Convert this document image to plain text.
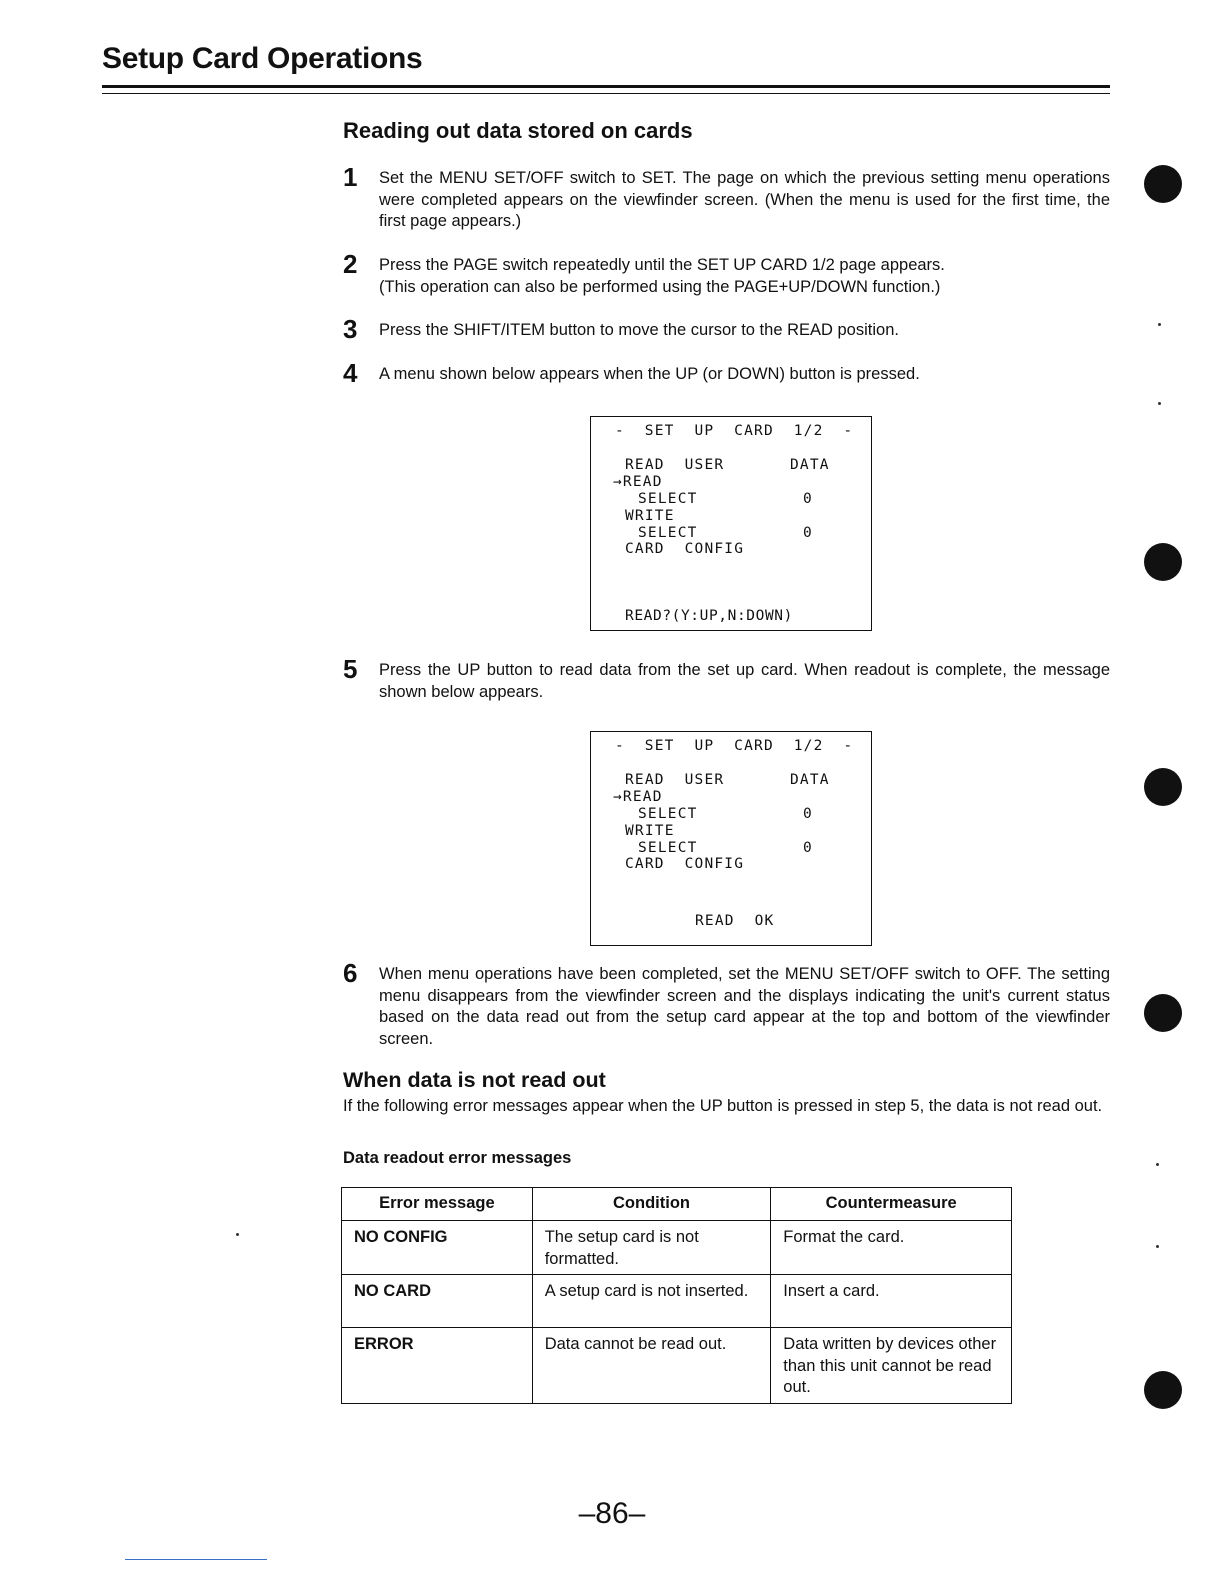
Setup Card Operations
Reading out data stored on cards
1	Set the MENU SET/OFF switch to SET. The page on which the previous setting menu operations were completed appears on the viewfinder screen. (When the menu is used for the first time, the first page appears.)

2	Press the PAGE switch repeatedly until the SET UP CARD 1/2 page appears.

(This operation can also be performed using the PAGE+UP/DOWN function.)

3	Press the SHIFT/ITEM button to move the cursor to the READ position.

4	A menu shown below appears when the UP (or DOWN) button is pressed.

-  SET  UP  CARD  1/2  -
READ  USER	DATA
→READ
SELECT	0
WRITE
SELECT	0
CARD  CONFIG
READ?(Y:UP,N:DOWN)
5	Press the UP button to read data from the set up card. When readout is complete, the message shown below appears.

-  SET  UP  CARD  1/2  -
READ  USER	DATA
→READ
SELECT	0
WRITE
SELECT	0
CARD  CONFIG
READ  OK
6	When menu operations have been completed, set the MENU SET/OFF switch to OFF. The setting menu disappears from the viewfinder screen and the displays indicating the unit's current status based on the data read out from the setup card appear at the top and bottom of the viewfinder screen.

When data is not read out
If the following error messages appear when the UP button is pressed in step 5, the data is not read out.
Data readout error messages
Error message	Condition	Countermeasure
NO CONFIG	The setup card is not formatted.	Format the card.
NO CARD	A setup card is not inserted.	Insert a card.
ERROR	Data cannot be read out.	Data written by devices other than this unit cannot be read out.
–86–
